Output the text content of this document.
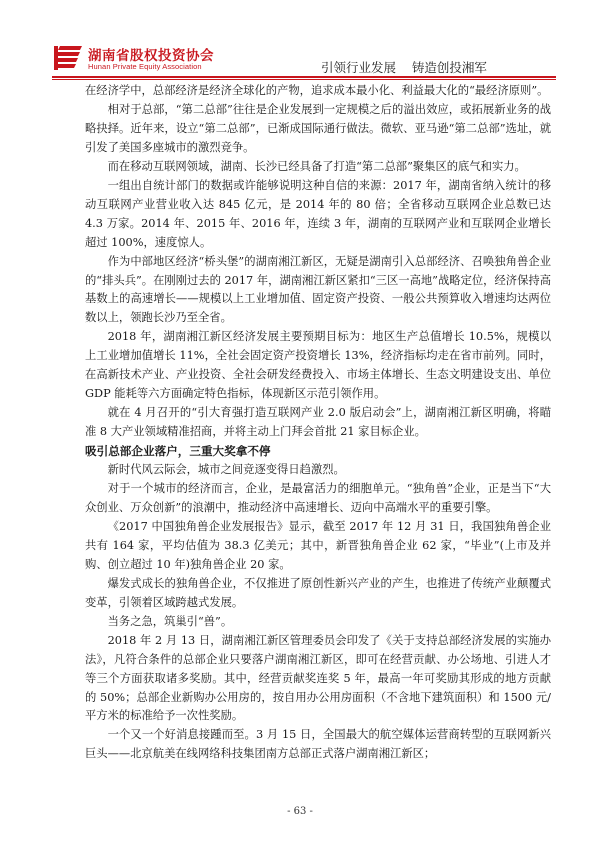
湖南省股权投资协会
Hunan Private Equity Association	引领行业发展    铸造创投湘军

在经济学中，总部经济是经济全球化的产物，追求成本最小化、利益最大化的“最经济原则”。

相对于总部，“第二总部”往往是企业发展到一定规模之后的溢出效应，或拓展新业务的战略抉择。近年来，设立“第二总部”，已渐成国际通行做法。微软、亚马逊“第二总部”选址，就引发了美国多座城市的激烈竞争。

而在移动互联网领域，湖南、长沙已经具备了打造“第二总部”聚集区的底气和实力。

一组出自统计部门的数据或许能够说明这种自信的来源：2017 年，湖南省纳入统计的移动互联网产业营业收入达 845 亿元，是 2014 年的 80 倍；全省移动互联网企业总数已达 4.3 万家。2014 年、2015 年、2016 年，连续 3 年，湖南的互联网产业和互联网企业增长超过 100%，速度惊人。

作为中部地区经济“桥头堡”的湖南湘江新区，无疑是湖南引入总部经济、召唤独角兽企业的“排头兵”。在刚刚过去的 2017 年，湖南湘江新区紧扣“三区一高地”战略定位，经济保持高基数上的高速增长——规模以上工业增加值、固定资产投资、一般公共预算收入增速均达两位数以上，领跑长沙乃至全省。

2018 年，湖南湘江新区经济发展主要预期目标为：地区生产总值增长 10.5%，规模以上工业增加值增长 11%，全社会固定资产投资增长 13%，经济指标均走在省市前列。同时，在高新技术产业、产业投资、全社会研发经费投入、市场主体增长、生态文明建设支出、单位 GDP 能耗等六方面确定特色指标，体现新区示范引领作用。

就在 4 月召开的“引大育强打造互联网产业 2.0 版启动会”上，湖南湘江新区明确，将瞄准 8 大产业领域精准招商，并将主动上门拜会首批 21 家目标企业。

吸引总部企业落户，三重大奖拿不停

新时代风云际会，城市之间竞逐变得日趋激烈。

对于一个城市的经济而言，企业，是最富活力的细胞单元。“独角兽”企业，正是当下“大众创业、万众创新”的浪潮中，推动经济中高速增长、迈向中高端水平的重要引擎。

《2017 中国独角兽企业发展报告》显示，截至 2017 年 12 月 31 日，我国独角兽企业共有 164 家，平均估值为 38.3 亿美元；其中，新晋独角兽企业 62 家，“毕业”(上市及并购、创立超过 10 年)独角兽企业 20 家。

爆发式成长的独角兽企业，不仅推进了原创性新兴产业的产生，也推进了传统产业颠覆式变革，引领着区域跨越式发展。

当务之急，筑巢引“兽”。

2018 年 2 月 13 日，湖南湘江新区管理委员会印发了《关于支持总部经济发展的实施办法》，凡符合条件的总部企业只要落户湖南湘江新区，即可在经营贡献、办公场地、引进人才等三个方面获取诸多奖励。其中，经营贡献奖连奖 5 年，最高一年可奖励其形成的地方贡献的 50%；总部企业新购办公用房的，按自用办公用房面积（不含地下建筑面积）和 1500 元/平方米的标准给予一次性奖励。

一个又一个好消息接踵而至。3 月 15 日，全国最大的航空媒体运营商转型的互联网新兴巨头——北京航美在线网络科技集团南方总部正式落户湖南湘江新区；

- 63 -
